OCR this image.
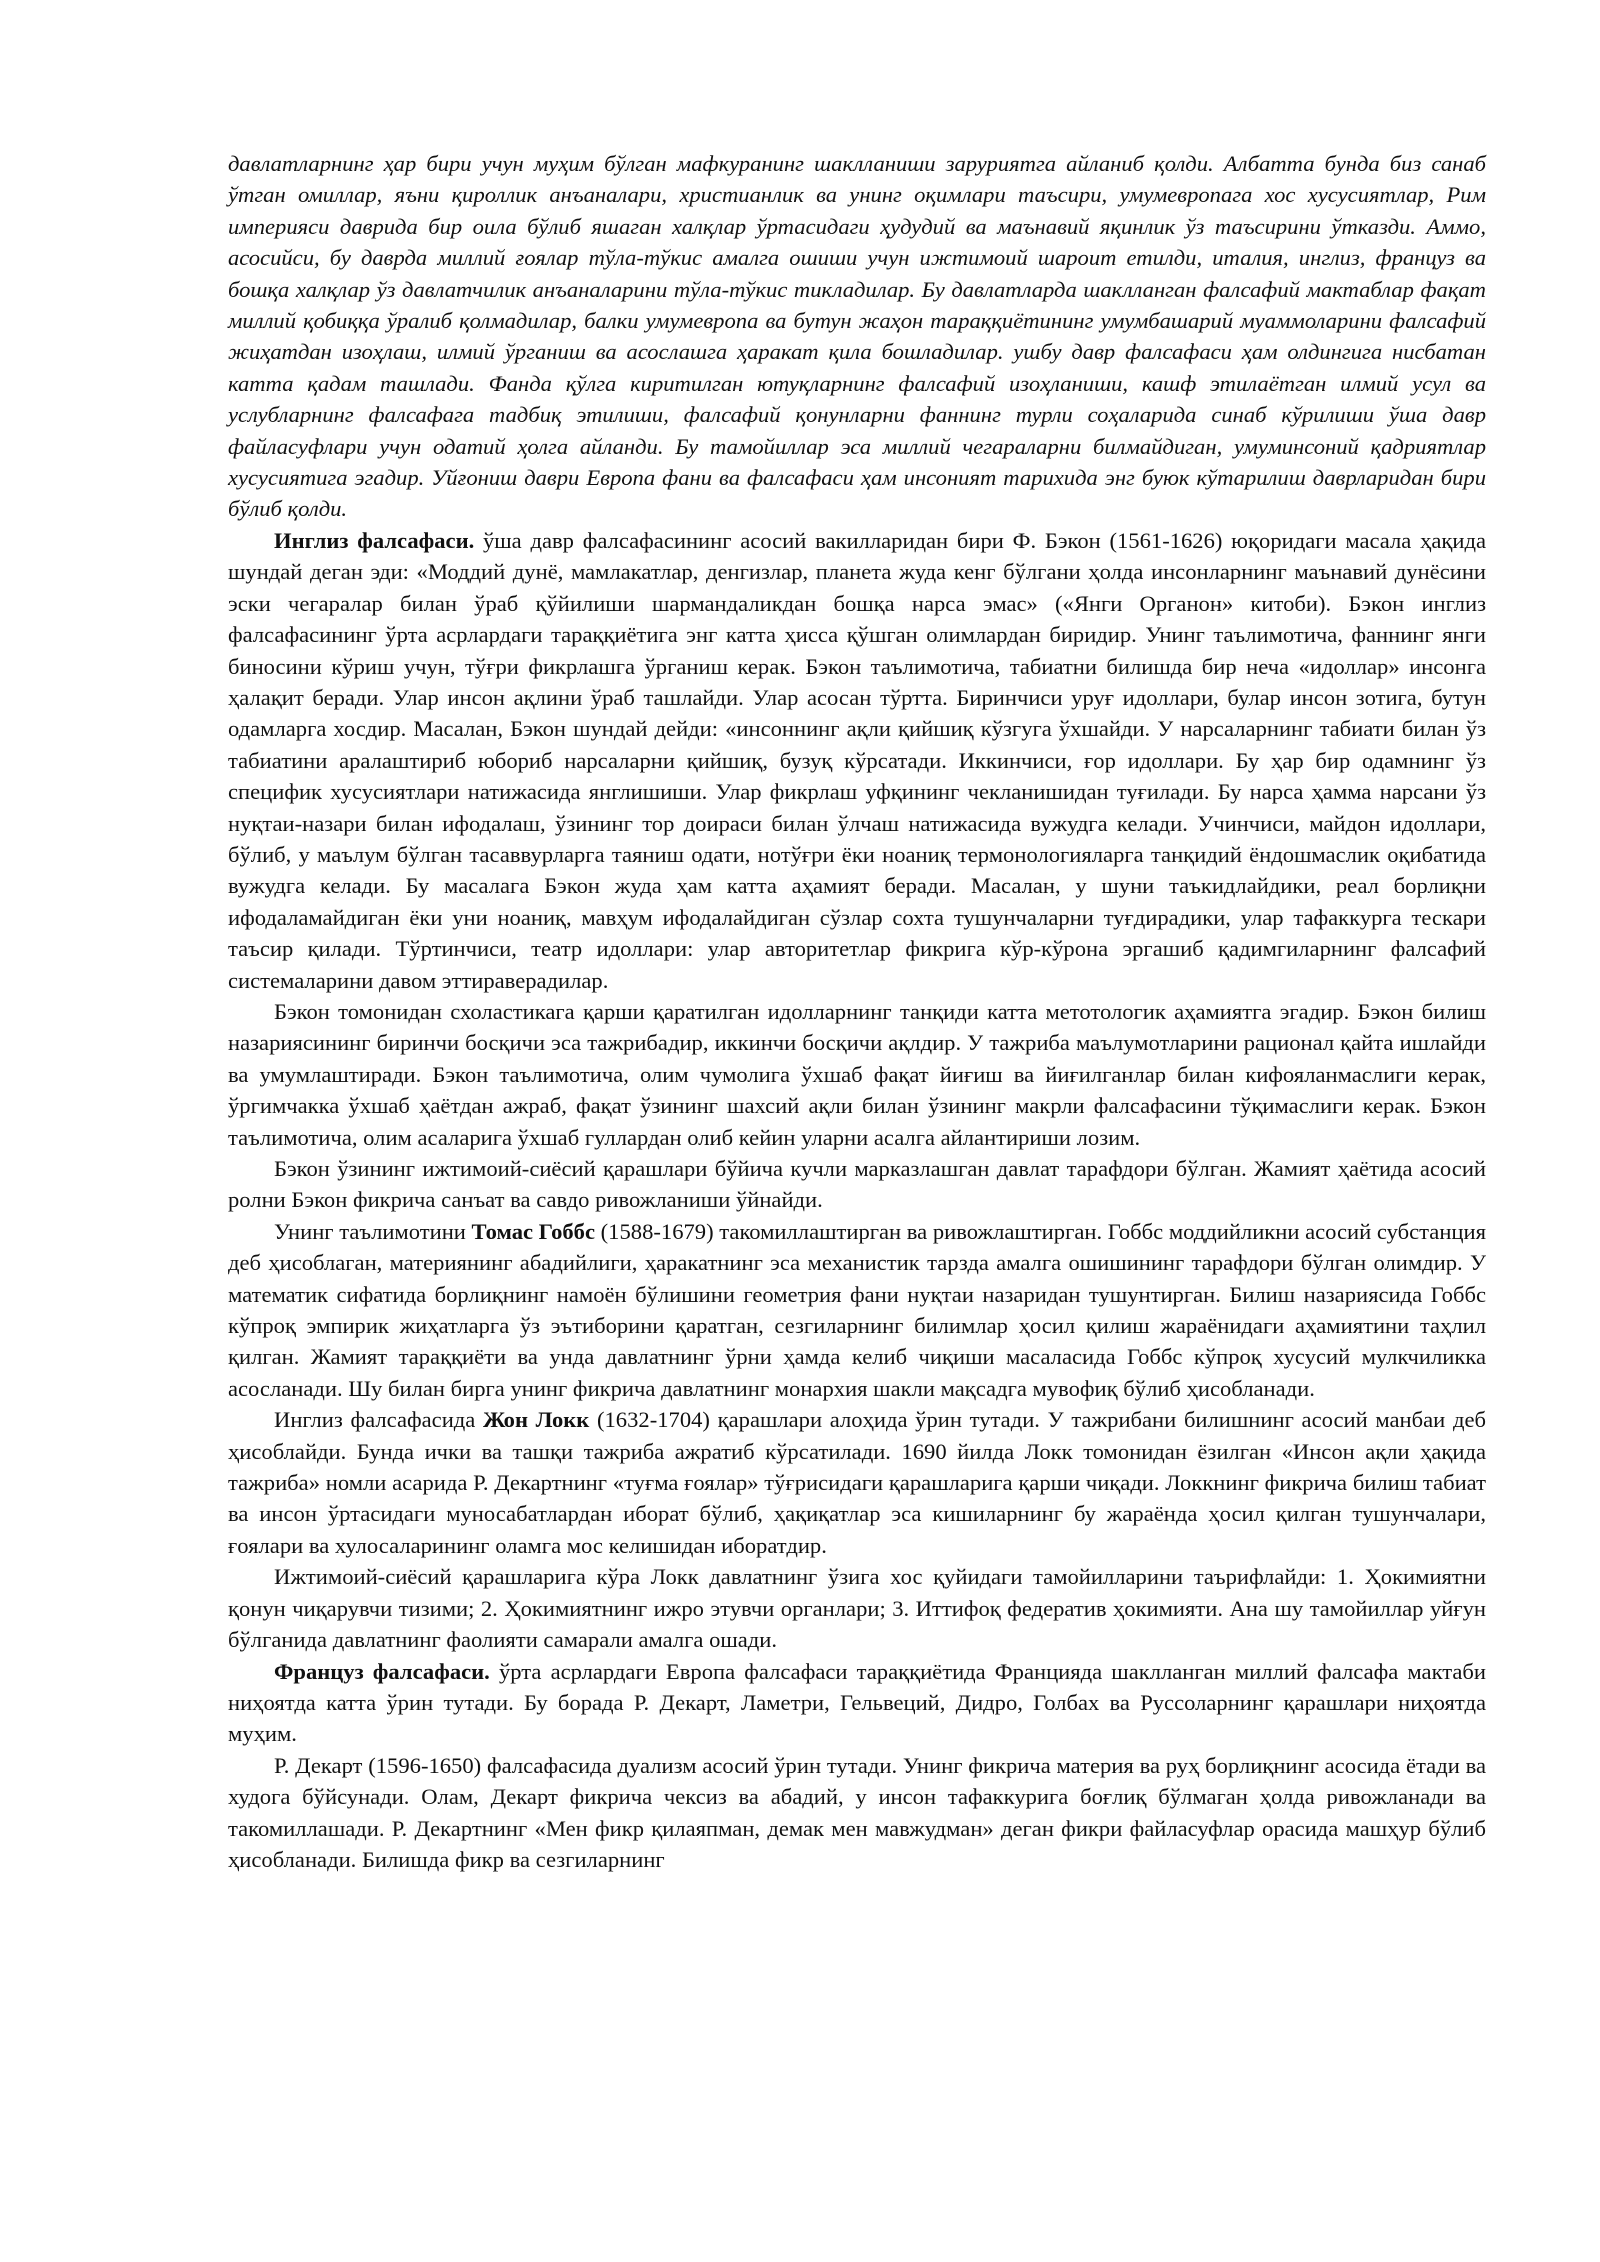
давлатларнинг ҳар бири учун муҳим бўлган мафкуранинг шаклланиши заруриятга айланиб қолди. Албатта бунда биз санаб ўтган омиллар, яъни қироллик анъаналари, христианлик ва унинг оқимлари таъсири, умумевропага хос хусусиятлар, Рим империяси даврида бир оила бўлиб яшаган халқлар ўртасидаги ҳудудий ва маънавий яқинлик ўз таъсирини ўтказди. Аммо, асосийси, бу даврда миллий ғоялар тўла-тўкис амалга ошиши учун ижтимоий шароит етилди, италия, инглиз, француз ва бошқа халқлар ўз давлатчилик анъаналарини тўла-тўкис тикладилар. Бу давлатларда шаклланган фалсафий мактаблар фақат миллий қобиққа ўралиб қолмадилар, балки умумевропа ва бутун жаҳон тараққиётининг умумбашарий муаммоларини фалсафий жиҳатдан изоҳлаш, илмий ўрганиш ва асослашга ҳаракат қила бошладилар. ушбу давр фалсафаси ҳам олдингига нисбатан катта қадам ташлади. Фанда қўлга киритилган ютуқларнинг фалсафий изоҳланиши, кашф этилаётган илмий усул ва услубларнинг фалсафага тадбиқ этилиши, фалсафий қонунларни фаннинг турли соҳаларида синаб кўрилиши ўша давр файласуфлари учун одатий ҳолга айланди. Бу тамойиллар эса миллий чегараларни билмайдиган, умуминсоний қадриятлар хусусиятига эгадир. Уйғониш даври Европа фани ва фалсафаси ҳам инсоният тарихида энг буюк кўтарилиш даврларидан бири бўлиб қолди.

Инглиз фалсафаси. ўша давр фалсафасининг асосий вакилларидан бири Ф. Бэкон (1561-1626) юқоридаги масала ҳақида шундай деган эди: «Моддий дунё, мамлакатлар, денгизлар, планета жуда кенг бўлгани ҳолда инсонларнинг маънавий дунёсини эски чегаралар билан ўраб қўйилиши шармандаликдан бошқа нарса эмас» («Янги Органон» китоби). Бэкон инглиз фалсафасининг ўрта асрлардаги тараққиётига энг катта ҳисса қўшган олимлардан биридир. Унинг таълимотича, фаннинг янги биносини кўриш учун, тўғри фикрлашга ўрганиш керак. Бэкон таълимотича, табиатни билишда бир неча «идоллар» инсонга ҳалақит беради. Улар инсон ақлини ўраб ташлайди. Улар асосан тўртта. Биринчиси уруғ идоллари, булар инсон зотига, бутун одамларга хосдир. Масалан, Бэкон шундай дейди: «инсоннинг ақли қийшиқ кўзгуга ўхшайди. У нарсаларнинг табиати билан ўз табиатини аралаштириб юбориб нарсаларни қийшиқ, бузуқ кўрсатади. Иккинчиси, ғор идоллари. Бу ҳар бир одамнинг ўз специфик хусусиятлари натижасида янглишиши. Улар фикрлаш уфқининг чекланишидан туғилади. Бу нарса ҳамма нарсани ўз нуқтаи-назари билан ифодалаш, ўзининг тор доираси билан ўлчаш натижасида вужудга келади. Учинчиси, майдон идоллари, бўлиб, у маълум бўлган тасаввурларга таяниш одати, нотўғри ёки ноаниқ термонологияларга танқидий ёндошмаслик оқибатида вужудга келади. Бу масалага Бэкон жуда ҳам катта аҳамият беради. Масалан, у шуни таъкидлайдики, реал борлиқни ифодаламайдиган ёки уни ноаниқ, мавҳум ифодалайдиган сўзлар сохта тушунчаларни туғдирадики, улар тафаккурга тескари таъсир қилади. Тўртинчиси, театр идоллари: улар авторитетлар фикрига кўр-кўрона эргашиб қадимгиларнинг фалсафий системаларини давом эттираверадилар.

Бэкон томонидан схоластикага қарши қаратилган идолларнинг танқиди катта метотологик аҳамиятга эгадир. Бэкон билиш назариясининг биринчи босқичи эса тажрибадир, иккинчи босқичи ақлдир. У тажриба маълумотларини рационал қайта ишлайди ва умумлаштиради. Бэкон таълимотича, олим чумолига ўхшаб фақат йиғиш ва йиғилганлар билан кифояланмаслиги керак, ўргимчакка ўхшаб ҳаётдан ажраб, фақат ўзининг шахсий ақли билан ўзининг макрли фалсафасини тўқимаслиги керак. Бэкон таълимотича, олим асаларига ўхшаб гуллардан олиб кейин уларни асалга айлантириши лозим.

Бэкон ўзининг ижтимоий-сиёсий қарашлари бўйича кучли марказлашган давлат тарафдори бўлган. Жамият ҳаётида асосий ролни Бэкон фикрича санъат ва савдо ривожланиши ўйнайди.

Унинг таълимотини Томас Гоббс (1588-1679) такомиллаштирган ва ривожлаштирган. Гоббс моддийликни асосий субстанция деб ҳисоблаган, материянинг абадийлиги, ҳаракатнинг эса механистик тарзда амалга ошишининг тарафдори бўлган олимдир. У математик сифатида борлиқнинг намоён бўлишини геометрия фани нуқтаи назаридан тушунтирган. Билиш назариясида Гоббс кўпроқ эмпирик жиҳатларга ўз эътиборини қаратган, сезгиларнинг билимлар ҳосил қилиш жараёнидаги аҳамиятини таҳлил қилган. Жамият тараққиёти ва унда давлатнинг ўрни ҳамда келиб чиқиши масаласида Гоббс кўпроқ хусусий мулкчиликка асосланади. Шу билан бирга унинг фикрича давлатнинг монархия шакли мақсадга мувофиқ бўлиб ҳисобланади.

Инглиз фалсафасида Жон Локк (1632-1704) қарашлари алоҳида ўрин тутади. У тажрибани билишнинг асосий манбаи деб ҳисоблайди. Бунда ички ва ташқи тажриба ажратиб кўрсатилади. 1690 йилда Локк томонидан ёзилган «Инсон ақли ҳақида тажриба» номли асарида Р. Декартнинг «туғма ғоялар» тўғрисидаги қарашларига қарши чиқади. Локкнинг фикрича билиш табиат ва инсон ўртасидаги муносабатлардан иборат бўлиб, ҳақиқатлар эса кишиларнинг бу жараёнда ҳосил қилган тушунчалари, ғоялари ва хулосаларининг оламга мос келишидан иборатдир.

Ижтимоий-сиёсий қарашларига кўра Локк давлатнинг ўзига хос қуйидаги тамойилларини таърифлайди: 1. Ҳокимиятни қонун чиқарувчи тизими; 2. Ҳокимиятнинг ижро этувчи органлари; 3. Иттифоқ федератив ҳокимияти. Ана шу тамойиллар уйғун бўлганида давлатнинг фаолияти самарали амалга ошади.

Француз фалсафаси. ўрта асрлардаги Европа фалсафаси тараққиётида Францияда шаклланган миллий фалсафа мактаби ниҳоятда катта ўрин тутади. Бу борада Р. Декарт, Ламетри, Гельвеций, Дидро, Голбах ва Руссоларнинг қарашлари ниҳоятда муҳим.

Р. Декарт (1596-1650) фалсафасида дуализм асосий ўрин тутади. Унинг фикрича материя ва руҳ борлиқнинг асосида ётади ва худога бўйсунади. Олам, Декарт фикрича чексиз ва абадий, у инсон тафаккурига боғлиқ бўлмаган ҳолда ривожланади ва такомиллашади. Р. Декартнинг «Мен фикр қилаяпман, демак мен мавжудман» деган фикри файласуфлар орасида машҳур бўлиб ҳисобланади. Билишда фикр ва сезгиларнинг
